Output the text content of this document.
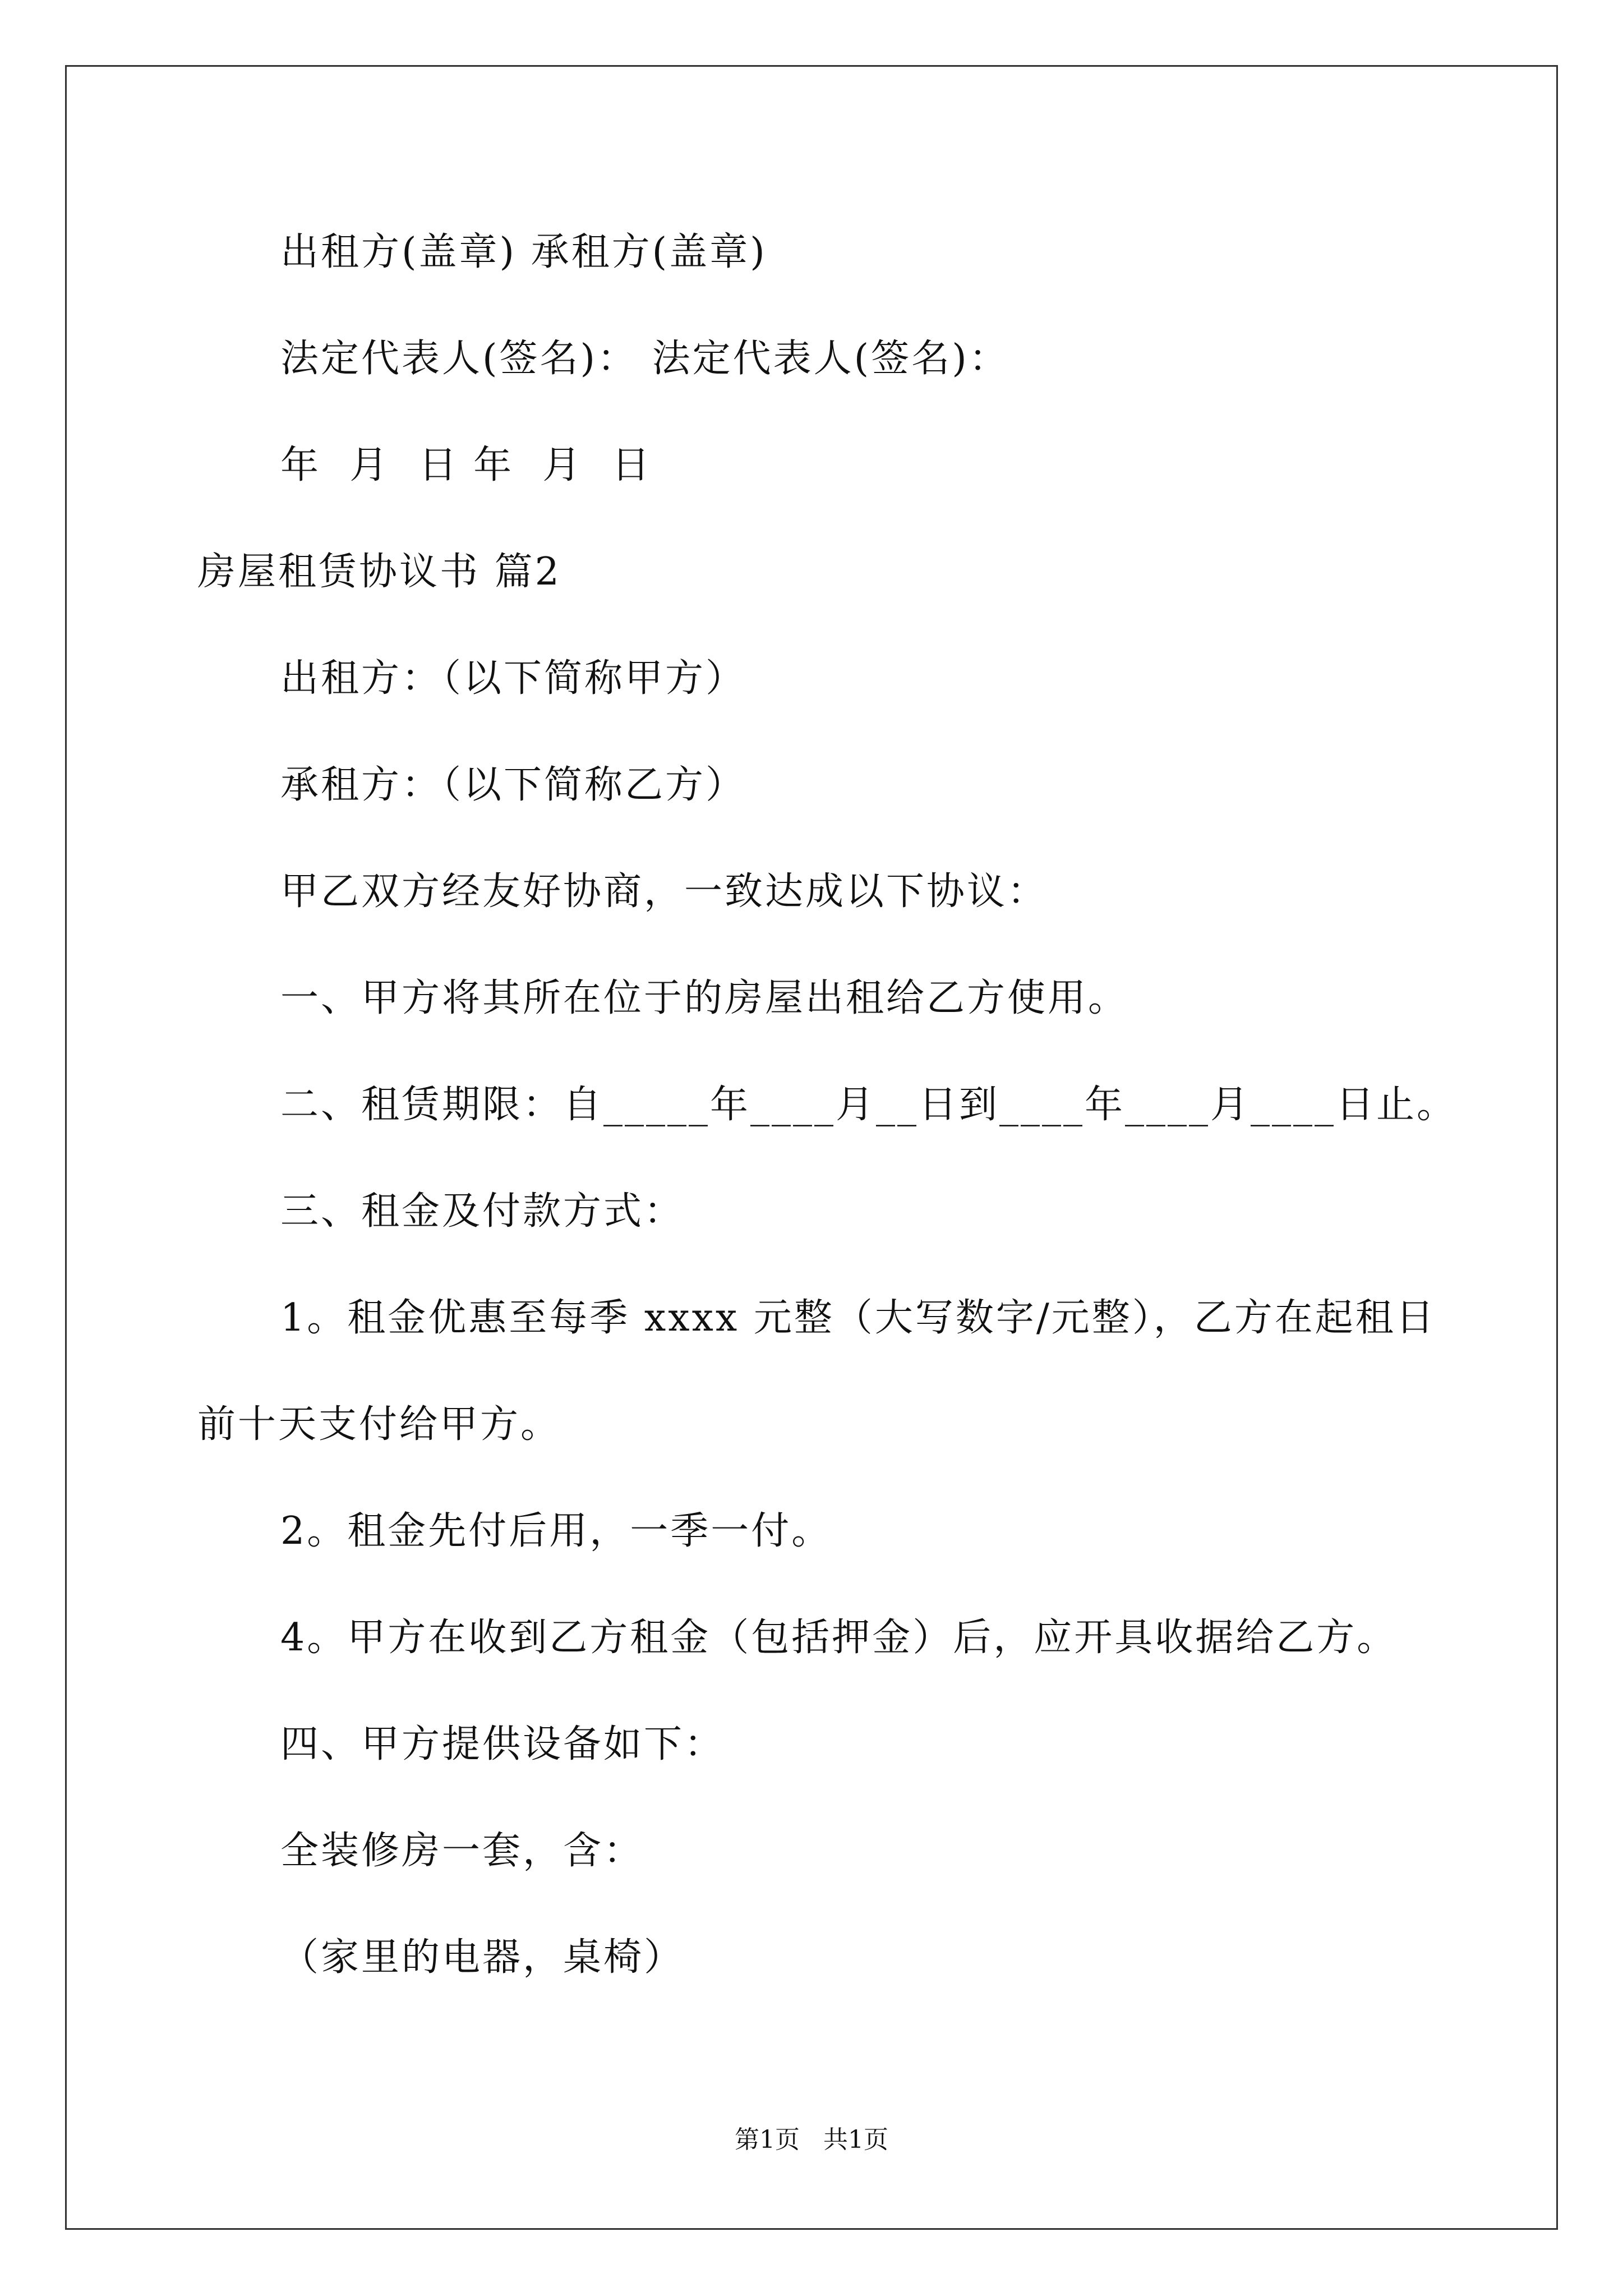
出租方(盖章) 承租方(盖章)
法定代表人(签名)： 法定代表人(签名)：
年  月  日 年  月  日
房屋租赁协议书 篇2
出租方：（以下简称甲方）
承租方：（以下简称乙方）
甲乙双方经友好协商，一致达成以下协议：
一、甲方将其所在位于的房屋出租给乙方使用。
二、租赁期限：自_____年____月__日到____年____月____日止。
三、租金及付款方式：
1。租金优惠至每季 xxxx 元整（大写数字/元整），乙方在起租日
前十天支付给甲方。
2。租金先付后用，一季一付。
4。甲方在收到乙方租金（包括押金）后，应开具收据给乙方。
四、甲方提供设备如下：
全装修房一套，含：
（家里的电器，桌椅）
第1页   共1页
